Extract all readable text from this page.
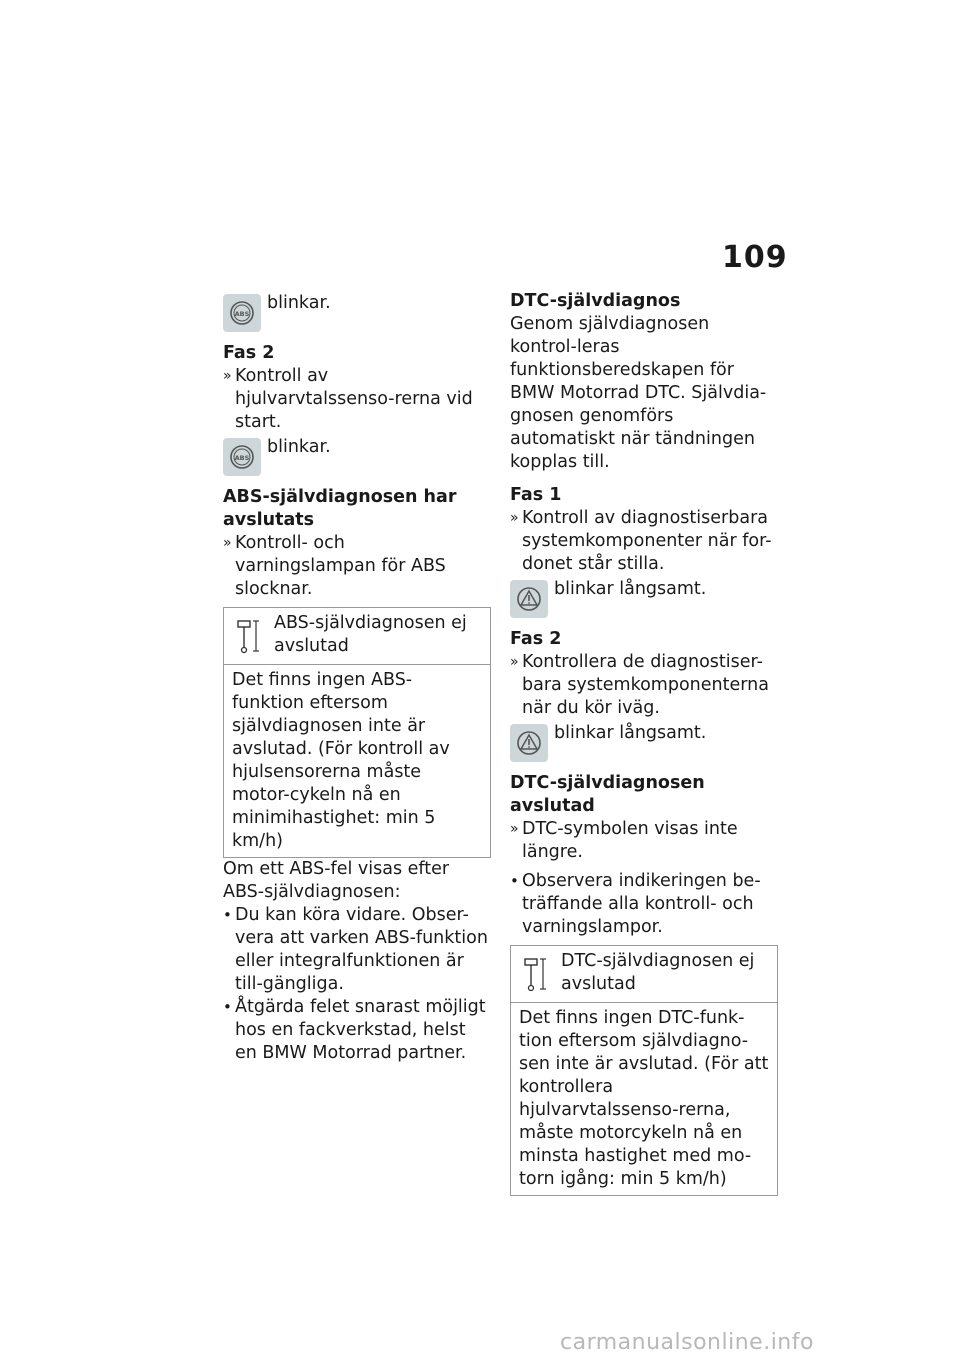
109
ABS
blinkar.

Fas 2

» Kontroll av hjulvarvtalssenso-rerna vid start.

ABS
blinkar.

ABS-självdiagnosen har avslutats

» Kontroll- och varningslampan för ABS slocknar.

ABS-självdiagnosen ej avslutad
Det finns ingen ABS-funktion eftersom självdiagnosen inte är avslutad. (För kontroll av hjulsensorerna måste motor-cykeln nå en minimihastighet: min 5 km/h)

Om ett ABS-fel visas efter ABS-självdiagnosen:

• Du kan köra vidare. Obser-vera att varken ABS-funktion eller integralfunktionen är till-gängliga.

• Åtgärda felet snarast möjligt hos en fackverkstad, helst en BMW Motorrad partner.

DTC-självdiagnos

Genom självdiagnosen kontrol-leras funktionsberedskapen för BMW Motorrad DTC. Självdia-gnosen genomförs automatiskt när tändningen kopplas till.

Fas 1

» Kontroll av diagnostiserbara systemkomponenter när for-donet står stilla.

blinkar långsamt.

Fas 2

» Kontrollera de diagnostiser-bara systemkomponenterna när du kör iväg.

blinkar långsamt.

DTC-självdiagnosen avslutad

» DTC-symbolen visas inte längre.

• Observera indikeringen be-träffande alla kontroll- och varningslampor.

DTC-självdiagnosen ej avslutad
Det finns ingen DTC-funk-tion eftersom självdiagno-sen inte är avslutad. (För att kontrollera hjulvarvtalssenso-rerna, måste motorcykeln nå en minsta hastighet med mo-torn igång: min 5 km/h)
carmanualsonline.info
